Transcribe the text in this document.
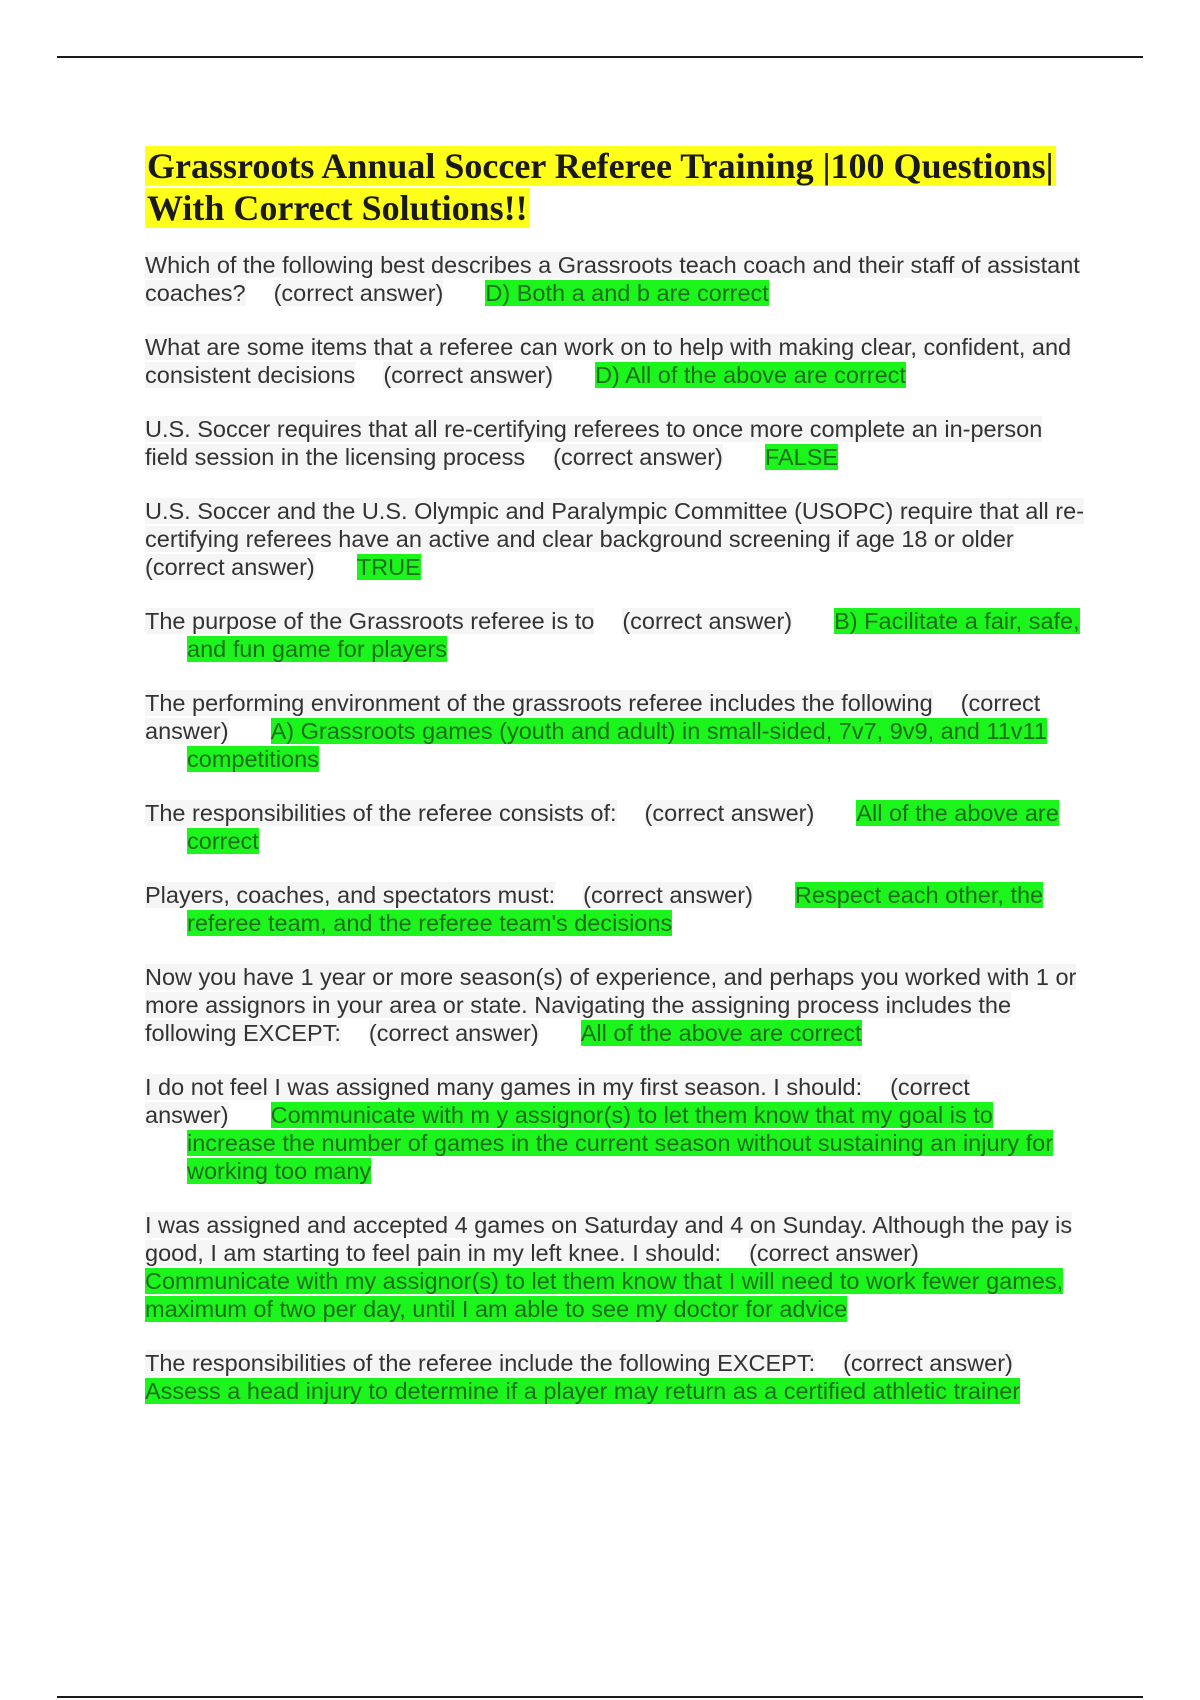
Grassroots Annual Soccer Referee Training |100 Questions| With Correct Solutions!!

Which of the following best describes a Grassroots teach coach and their staff of assistant coaches? (correct answer) D) Both a and b are correct

What are some items that a referee can work on to help with making clear, confident, and consistent decisions (correct answer) D) All of the above are correct

U.S. Soccer requires that all re-certifying referees to once more complete an in-person field session in the licensing process (correct answer) FALSE

U.S. Soccer and the U.S. Olympic and Paralympic Committee (USOPC) require that all re-certifying referees have an active and clear background screening if age 18 or older (correct answer) TRUE

The purpose of the Grassroots referee is to (correct answer) B) Facilitate a fair, safe, and fun game for players

The performing environment of the grassroots referee includes the following (correct answer) A) Grassroots games (youth and adult) in small-sided, 7v7, 9v9, and 11v11 competitions

The responsibilities of the referee consists of: (correct answer) All of the above are correct

Players, coaches, and spectators must: (correct answer) Respect each other, the referee team, and the referee team's decisions

Now you have 1 year or more season(s) of experience, and perhaps you worked with 1 or more assignors in your area or state. Navigating the assigning process includes the following EXCEPT: (correct answer) All of the above are correct

I do not feel I was assigned many games in my first season. I should: (correct answer) Communicate with m y assignor(s) to let them know that my goal is to increase the number of games in the current season without sustaining an injury for working too many

I was assigned and accepted 4 games on Saturday and 4 on Sunday. Although the pay is good, I am starting to feel pain in my left knee. I should: (correct answer)
Communicate with my assignor(s) to let them know that I will need to work fewer games, maximum of two per day, until I am able to see my doctor for advice

The responsibilities of the referee include the following EXCEPT: (correct answer)
Assess a head injury to determine if a player may return as a certified athletic trainer
